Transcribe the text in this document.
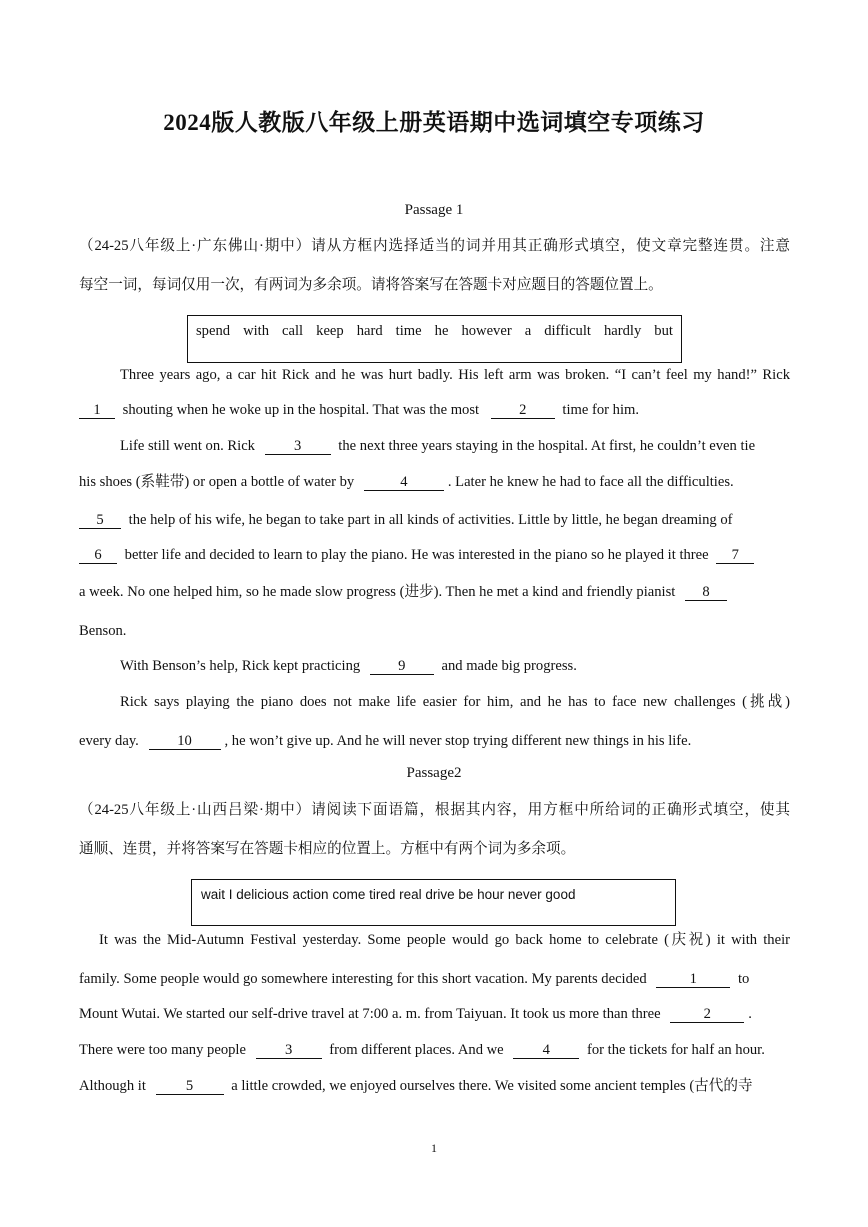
2024版人教版八年级上册英语期中选词填空专项练习
Passage 1
（24-25八年级上·广东佛山·期中）请从方框内选择适当的词并用其正确形式填空，使文章完整连贯。注意
每空一词，每词仅用一次，有两词为多余项。请将答案写在答题卡对应题目的答题位置上。
spend with call keep hard time he however a difficult hardly but
Three years ago, a car hit Rick and he was hurt badly. His left arm was broken. “I can’t feel my hand!” Rick
1 shouting when he woke up in the hospital. That was the most	2 time for him.
Life still went on. Rick	3	the next three years staying in the hospital. At first, he couldn’t even tie
his shoes (系鞋带) or open a bottle of water by	4	. Later he knew he had to face all the difficulties.
5 the help of his wife, he began to take part in all kinds of activities. Little by little, he began dreaming of
6 better life and decided to learn to play the piano. He was interested in the piano so he played it three 7
a week. No one helped him, so he made slow progress (进步). Then he met a kind and friendly pianist 8
Benson.
With Benson’s help, Rick kept practicing	9 and made big progress.
Rick says playing the piano does not make life easier for him, and he has to face new challenges (挑战)
every day.	10 , he won’t give up. And he will never stop trying different new things in his life.
Passage2
（24-25八年级上·山西吕梁·期中）请阅读下面语篇，根据其内容，用方框中所给词的正确形式填空，使其
通顺、连贯，并将答案写在答题卡相应的位置上。方框中有两个词为多余项。
wait I delicious action come tired real drive be hour never good
It was the Mid-Autumn Festival yesterday. Some people would go back home to celebrate (庆祝) it with their
family. Some people would go somewhere interesting for this short vacation. My parents decided	1	to
Mount Wutai. We started our self-drive travel at 7:00 a. m. from Taiyuan. It took us more than three	2	.
There were too many people	3	from different places. And we	4	for the tickets for half an hour.
Although it	5	a little crowded, we enjoyed ourselves there. We visited some ancient temples (古代的寺
1
